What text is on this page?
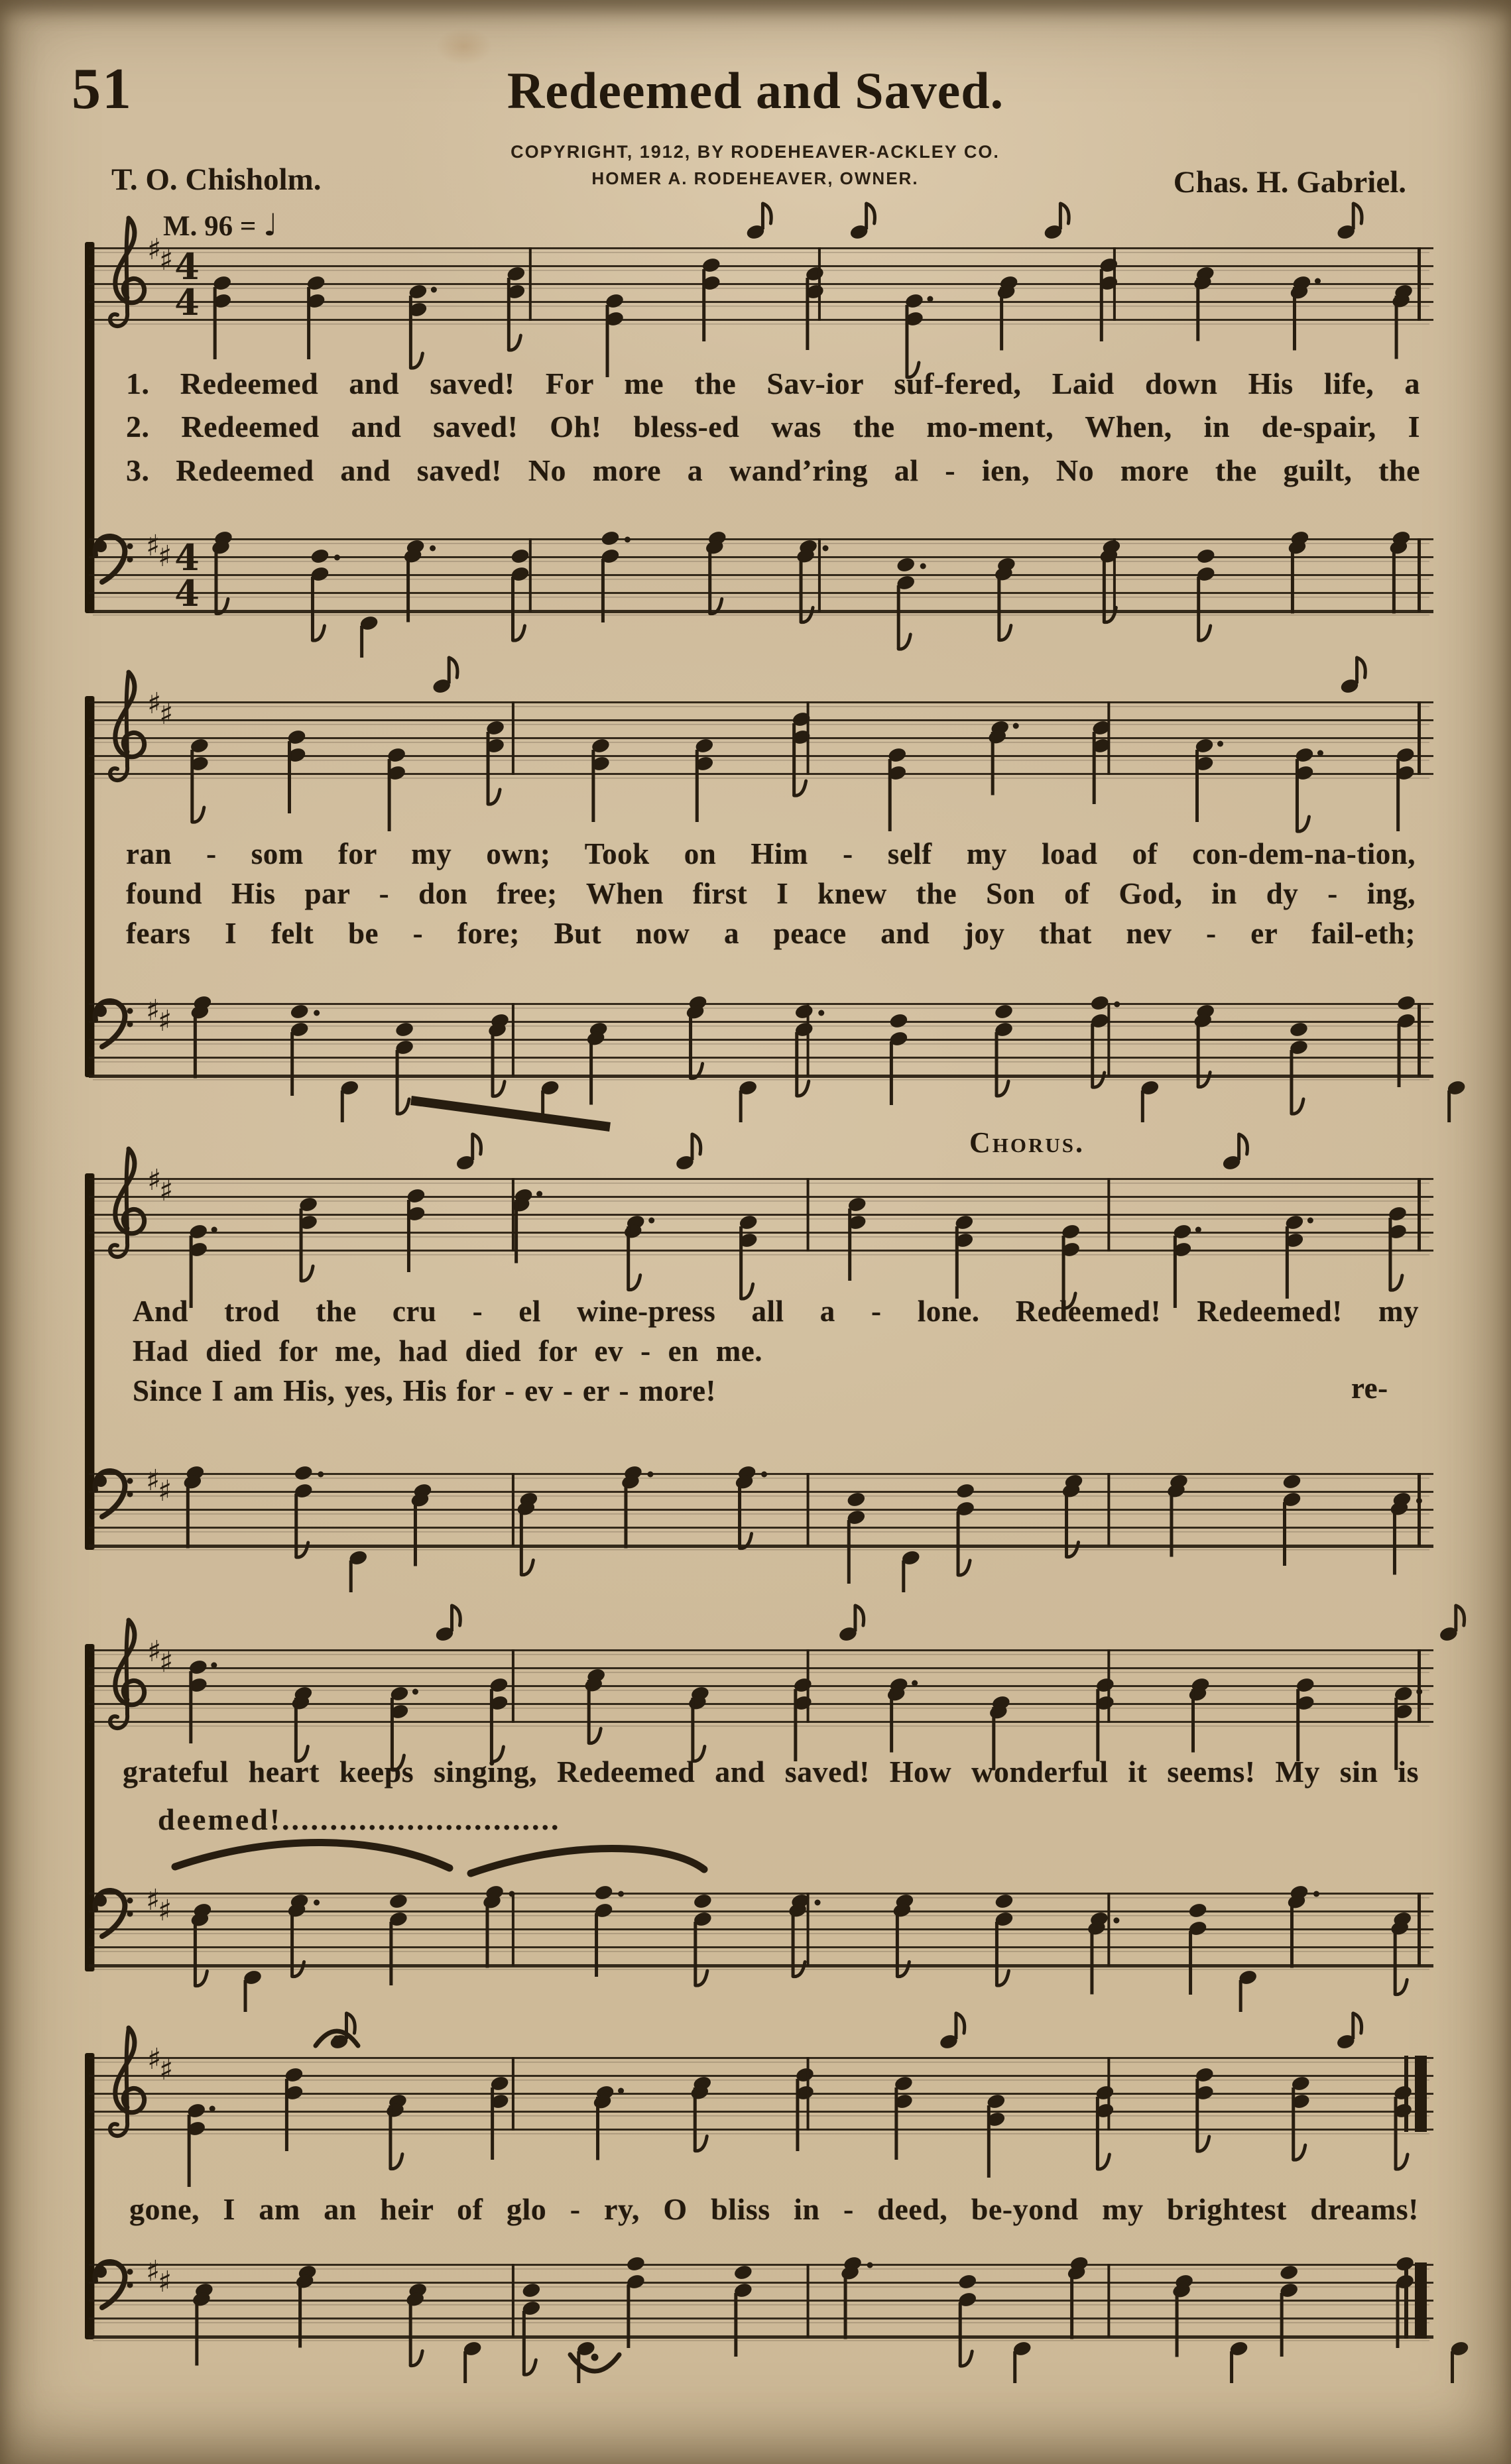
51	Redeemed and Saved.
COPYRIGHT, 1912, BY RODEHEAVER-ACKLEY CO.
HOMER A. RODEHEAVER, OWNER.
T. O. Chisholm.	Chas. H. Gabriel.
M. 96 = ♩
♯
♯ 4
4
♯
♯ 4
4
♯
♯
♯
♯
♯
♯
♯
♯
♯
♯
♯
♯
♯
♯
♯
♯
1. Redeemed and saved! For me the Sav-ior suf-fered, Laid down His life, a
2. Redeemed and saved! Oh! bless-ed was the mo-ment, When, in de-spair, I
3. Redeemed and saved! No more a wand’ring al - ien, No more the guilt, the
ran - som for my own; Took on Him - self my load of con-dem-na-tion,
found His par - don free; When first I knew the Son of God, in dy - ing,
fears I felt be - fore; But now a peace and joy that nev - er fail-eth;
Chorus.
And trod the cru - el wine-press all a - lone. Redeemed! Redeemed! my
Had died for me, had died for ev - en me.
Since I am His, yes, His for - ev - er - more!	re-
grateful heart keeps singing, Redeemed and saved! How wonderful it seems! My sin is
deemed!.............................
gone, I am an heir of glo - ry, O bliss in - deed, be-yond my brightest dreams!
